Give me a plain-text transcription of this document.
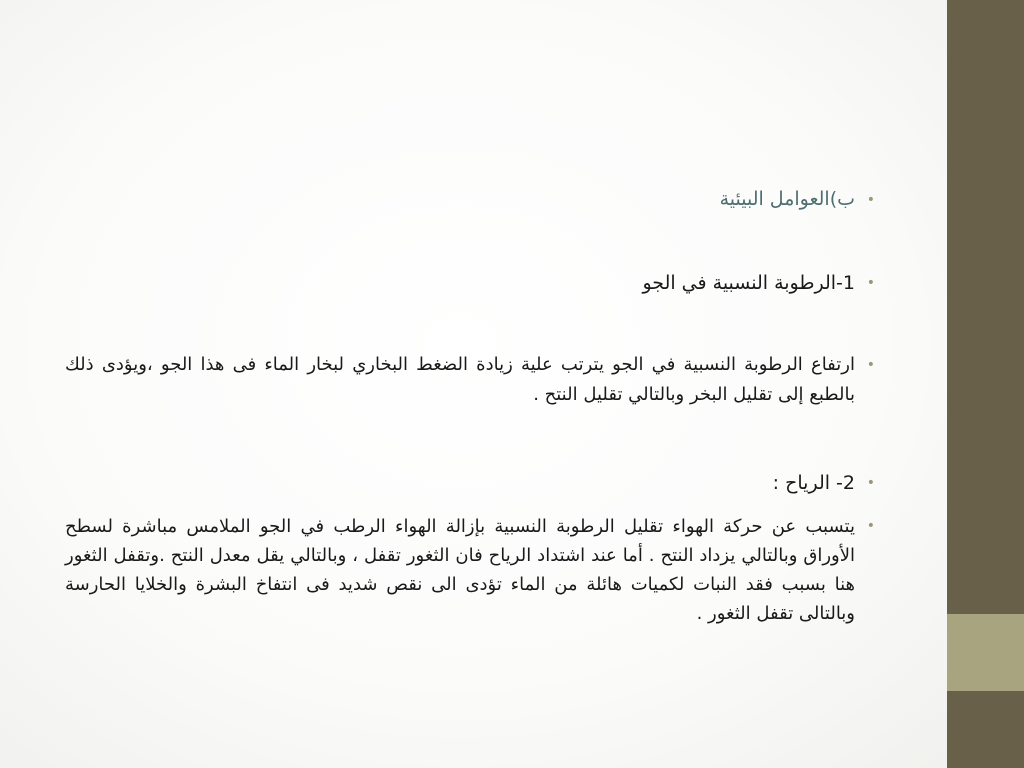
•
ب)العوامل البيئية
•
1-الرطوبة النسبية في الجو
•
ارتفاع الرطوبة النسبية في الجو يترتب علية زيادة الضغط البخاري لبخار الماء فى هذا الجو ،ويؤدى ذلك بالطبع إلى تقليل البخر وبالتالي تقليل النتح .
•
2- الرياح :
•
يتسبب عن حركة الهواء تقليل الرطوبة النسبية بإزالة الهواء الرطب في الجو الملامس مباشرة لسطح الأوراق وبالتالي يزداد النتح . أما عند اشتداد الرياح فان الثغور تقفل ، وبالتالي يقل معدل النتح .وتقفل الثغور هنا بسبب فقد النبات لكميات هائلة من الماء تؤدى الى نقص شديد فى انتفاخ البشرة والخلايا الحارسة وبالتالى تقفل الثغور .
